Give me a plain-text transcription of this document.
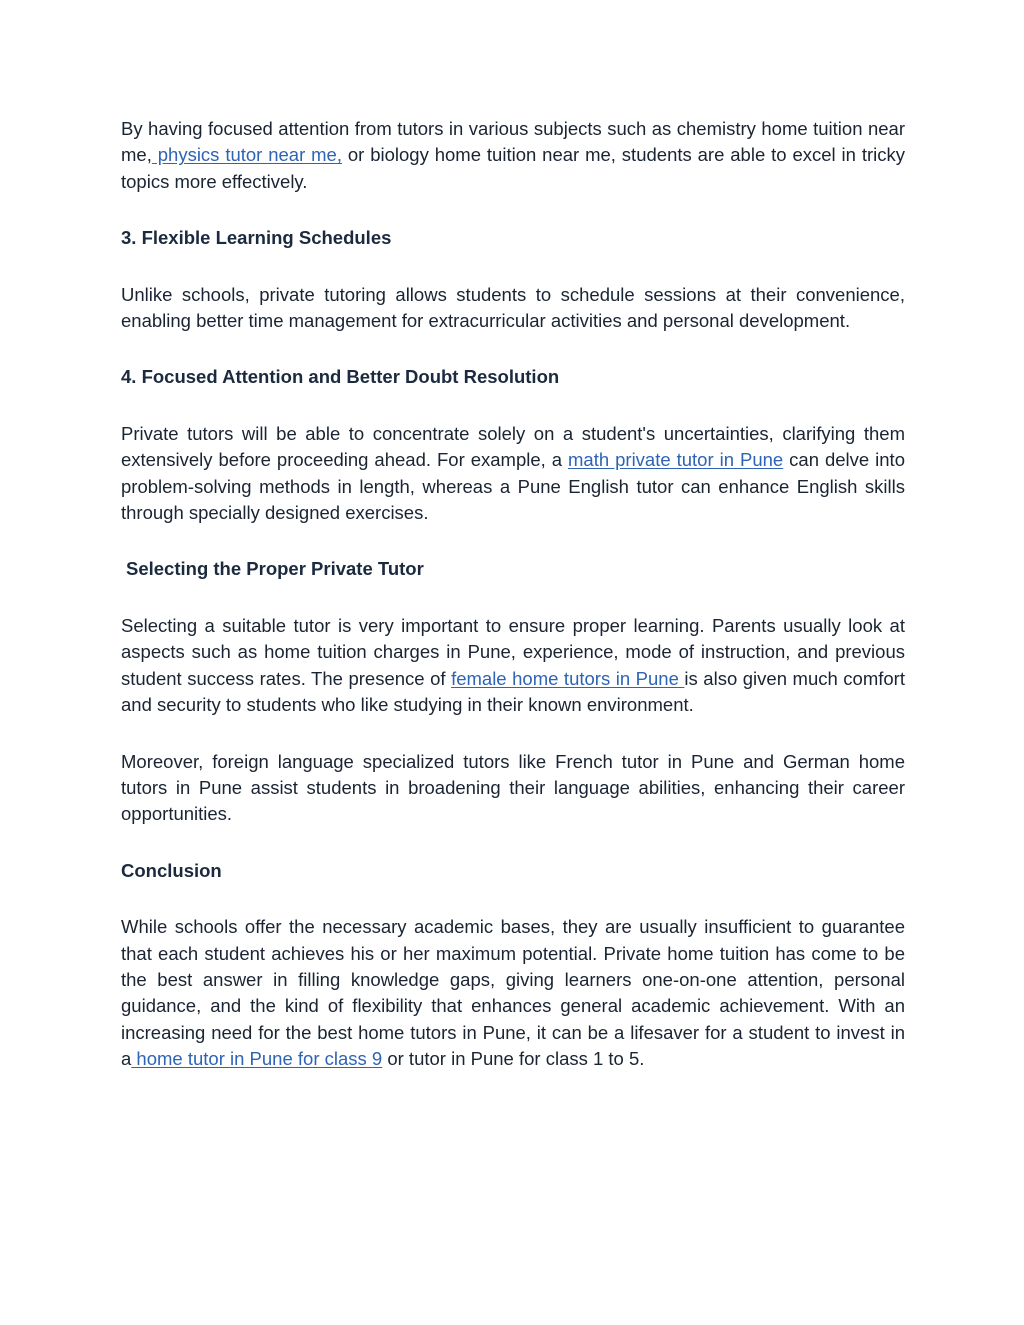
By having focused attention from tutors in various subjects such as chemistry home tuition near me, physics tutor near me, or biology home tuition near me, students are able to excel in tricky topics more effectively.

3. Flexible Learning Schedules

Unlike schools, private tutoring allows students to schedule sessions at their convenience, enabling better time management for extracurricular activities and personal development.

4. Focused Attention and Better Doubt Resolution

Private tutors will be able to concentrate solely on a student's uncertainties, clarifying them extensively before proceeding ahead. For example, a math private tutor in Pune can delve into problem-solving methods in length, whereas a Pune English tutor can enhance English skills through specially designed exercises.

Selecting the Proper Private Tutor

Selecting a suitable tutor is very important to ensure proper learning. Parents usually look at aspects such as home tuition charges in Pune, experience, mode of instruction, and previous student success rates. The presence of female home tutors in Pune is also given much comfort and security to students who like studying in their known environment.

Moreover, foreign language specialized tutors like French tutor in Pune and German home tutors in Pune assist students in broadening their language abilities, enhancing their career opportunities.

Conclusion

While schools offer the necessary academic bases, they are usually insufficient to guarantee that each student achieves his or her maximum potential. Private home tuition has come to be the best answer in filling knowledge gaps, giving learners one-on-one attention, personal guidance, and the kind of flexibility that enhances general academic achievement. With an increasing need for the best home tutors in Pune, it can be a lifesaver for a student to invest in a home tutor in Pune for class 9 or tutor in Pune for class 1 to 5.
